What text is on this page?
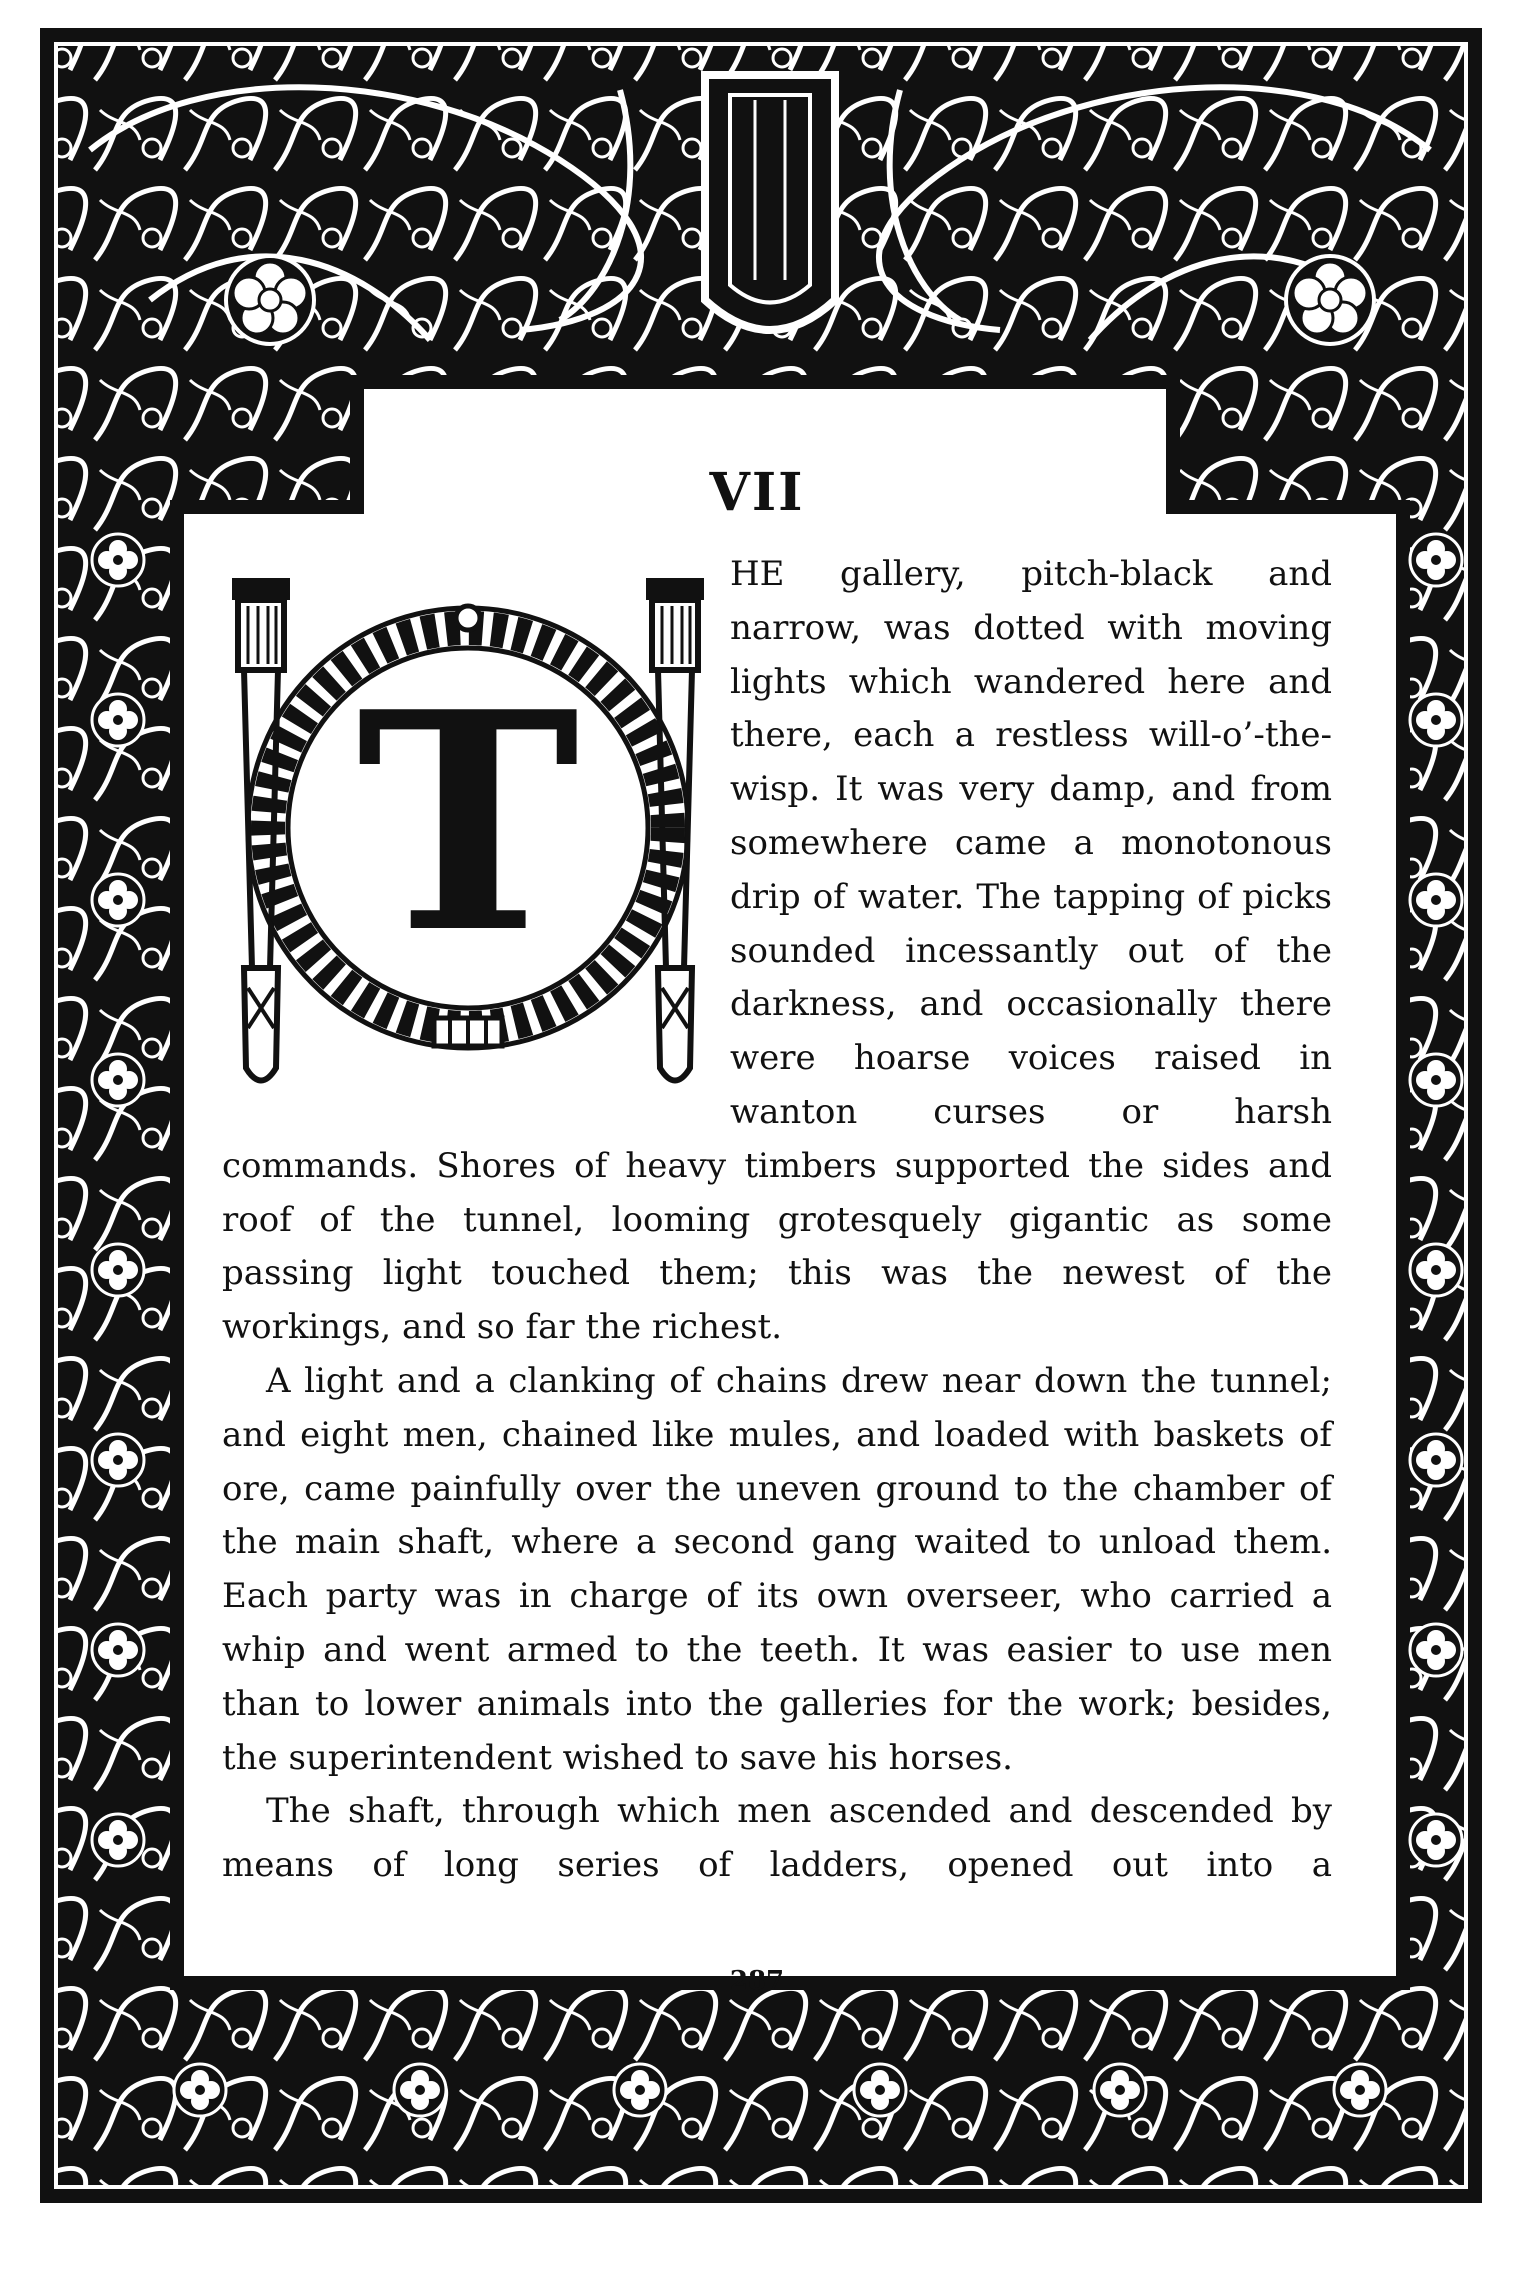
VII
T

HE gallery, pitch-black and narrow, was dotted with moving lights which wandered here and there, each a restless will-o’-the-wisp. It was very damp, and from somewhere came a monotonous drip of water. The tapping of picks sounded incessantly out of the darkness, and occasionally there were hoarse voices raised in wanton curses or harsh commands. Shores of heavy timbers supported the sides and roof of the tunnel, looming grotesquely gigantic as some passing light touched them; this was the newest of the workings, and so far the richest.

A light and a clanking of chains drew near down the tunnel; and eight men, chained like mules, and loaded with baskets of ore, came painfully over the uneven ground to the chamber of the main shaft, where a second gang waited to unload them. Each party was in charge of its own overseer, who carried a whip and went armed to the teeth. It was easier to use men than to lower animals into the galleries for the work; besides, the superintendent wished to save his horses.

The shaft, through which men ascended and descended by means of long series of ladders, opened out into a

287
